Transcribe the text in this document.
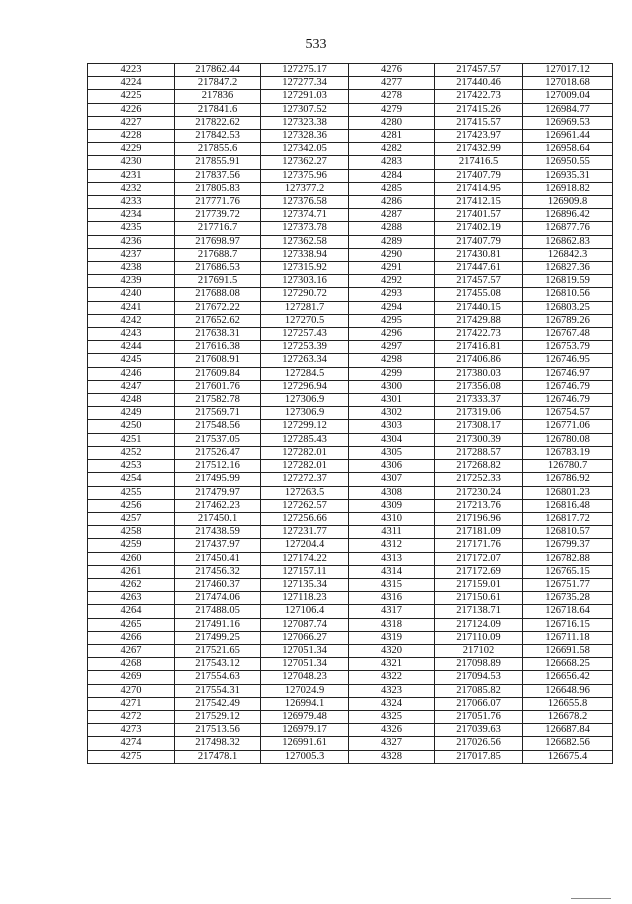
533
4223	217862.44	127275.17	4276	217457.57	127017.12
4224	217847.2	127277.34	4277	217440.46	127018.68
4225	217836	127291.03	4278	217422.73	127009.04
4226	217841.6	127307.52	4279	217415.26	126984.77
4227	217822.62	127323.38	4280	217415.57	126969.53
4228	217842.53	127328.36	4281	217423.97	126961.44
4229	217855.6	127342.05	4282	217432.99	126958.64
4230	217855.91	127362.27	4283	217416.5	126950.55
4231	217837.56	127375.96	4284	217407.79	126935.31
4232	217805.83	127377.2	4285	217414.95	126918.82
4233	217771.76	127376.58	4286	217412.15	126909.8
4234	217739.72	127374.71	4287	217401.57	126896.42
4235	217716.7	127373.78	4288	217402.19	126877.76
4236	217698.97	127362.58	4289	217407.79	126862.83
4237	217688.7	127338.94	4290	217430.81	126842.3
4238	217686.53	127315.92	4291	217447.61	126827.36
4239	217691.5	127303.16	4292	217457.57	126819.59
4240	217688.08	127290.72	4293	217455.08	126810.56
4241	217672.22	127281.7	4294	217440.15	126803.25
4242	217652.62	127270.5	4295	217429.88	126789.26
4243	217638.31	127257.43	4296	217422.73	126767.48
4244	217616.38	127253.39	4297	217416.81	126753.79
4245	217608.91	127263.34	4298	217406.86	126746.95
4246	217609.84	127284.5	4299	217380.03	126746.97
4247	217601.76	127296.94	4300	217356.08	126746.79
4248	217582.78	127306.9	4301	217333.37	126746.79
4249	217569.71	127306.9	4302	217319.06	126754.57
4250	217548.56	127299.12	4303	217308.17	126771.06
4251	217537.05	127285.43	4304	217300.39	126780.08
4252	217526.47	127282.01	4305	217288.57	126783.19
4253	217512.16	127282.01	4306	217268.82	126780.7
4254	217495.99	127272.37	4307	217252.33	126786.92
4255	217479.97	127263.5	4308	217230.24	126801.23
4256	217462.23	127262.57	4309	217213.76	126816.48
4257	217450.1	127256.66	4310	217196.96	126817.72
4258	217438.59	127231.77	4311	217181.09	126810.57
4259	217437.97	127204.4	4312	217171.76	126799.37
4260	217450.41	127174.22	4313	217172.07	126782.88
4261	217456.32	127157.11	4314	217172.69	126765.15
4262	217460.37	127135.34	4315	217159.01	126751.77
4263	217474.06	127118.23	4316	217150.61	126735.28
4264	217488.05	127106.4	4317	217138.71	126718.64
4265	217491.16	127087.74	4318	217124.09	126716.15
4266	217499.25	127066.27	4319	217110.09	126711.18
4267	217521.65	127051.34	4320	217102	126691.58
4268	217543.12	127051.34	4321	217098.89	126668.25
4269	217554.63	127048.23	4322	217094.53	126656.42
4270	217554.31	127024.9	4323	217085.82	126648.96
4271	217542.49	126994.1	4324	217066.07	126655.8
4272	217529.12	126979.48	4325	217051.76	126678.2
4273	217513.56	126979.17	4326	217039.63	126687.84
4274	217498.32	126991.61	4327	217026.56	126682.56
4275	217478.1	127005.3	4328	217017.85	126675.4
